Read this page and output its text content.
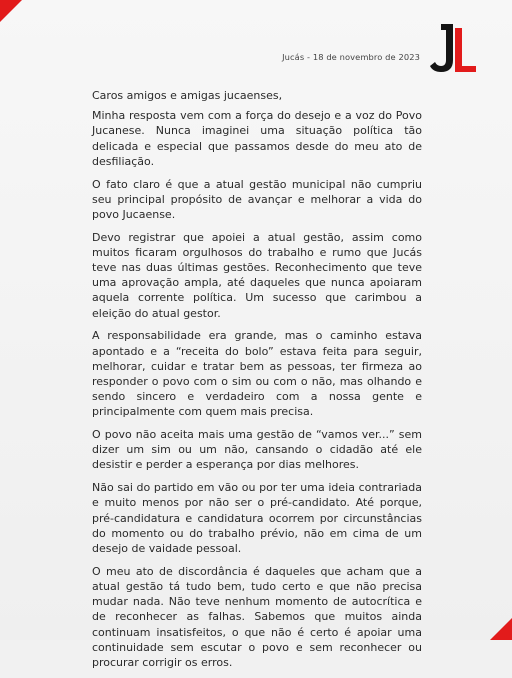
Jucás - 18 de novembro de 2023

Caros amigos e amigas jucaenses,

Minha resposta vem com a força do desejo e a voz do Povo Jucanese. Nunca imaginei uma situação política tão delicada e especial que passamos desde do meu ato de desfiliação.

O fato claro é que a atual gestão municipal não cumpriu seu principal propósito de avançar e melhorar a vida do povo Jucaense.

Devo registrar que apoiei a atual gestão, assim como muitos ficaram orgulhosos do trabalho e rumo que Jucás teve nas duas últimas gestões. Reconhecimento que teve uma aprovação ampla, até daqueles que nunca apoiaram aquela corrente política. Um sucesso que carimbou a eleição do atual gestor.

A responsabilidade era grande, mas o caminho estava apontado e a “receita do bolo” estava feita para seguir, melhorar, cuidar e tratar bem as pessoas, ter firmeza ao responder o povo com o sim ou com o não, mas olhando e sendo sincero e verdadeiro com a nossa gente e principalmente com quem mais precisa.

O povo não aceita mais uma gestão de “vamos ver...” sem dizer um sim ou um não, cansando o cidadão até ele desistir e perder a esperança por dias melhores.

Não sai do partido em vão ou por ter uma ideia contrariada e muito menos por não ser o pré-candidato. Até porque, pré-candidatura e candidatura ocorrem por circunstâncias do momento ou do trabalho prévio, não em cima de um desejo de vaidade pessoal.

O meu ato de discordância é daqueles que acham que a atual gestão tá tudo bem, tudo certo e que não precisa mudar nada. Não teve nenhum momento de autocrítica e de reconhecer as falhas. Sabemos que muitos ainda continuam insatisfeitos, o que não é certo é apoiar uma continuidade sem escutar o povo e sem reconhecer ou procurar corrigir os erros.
